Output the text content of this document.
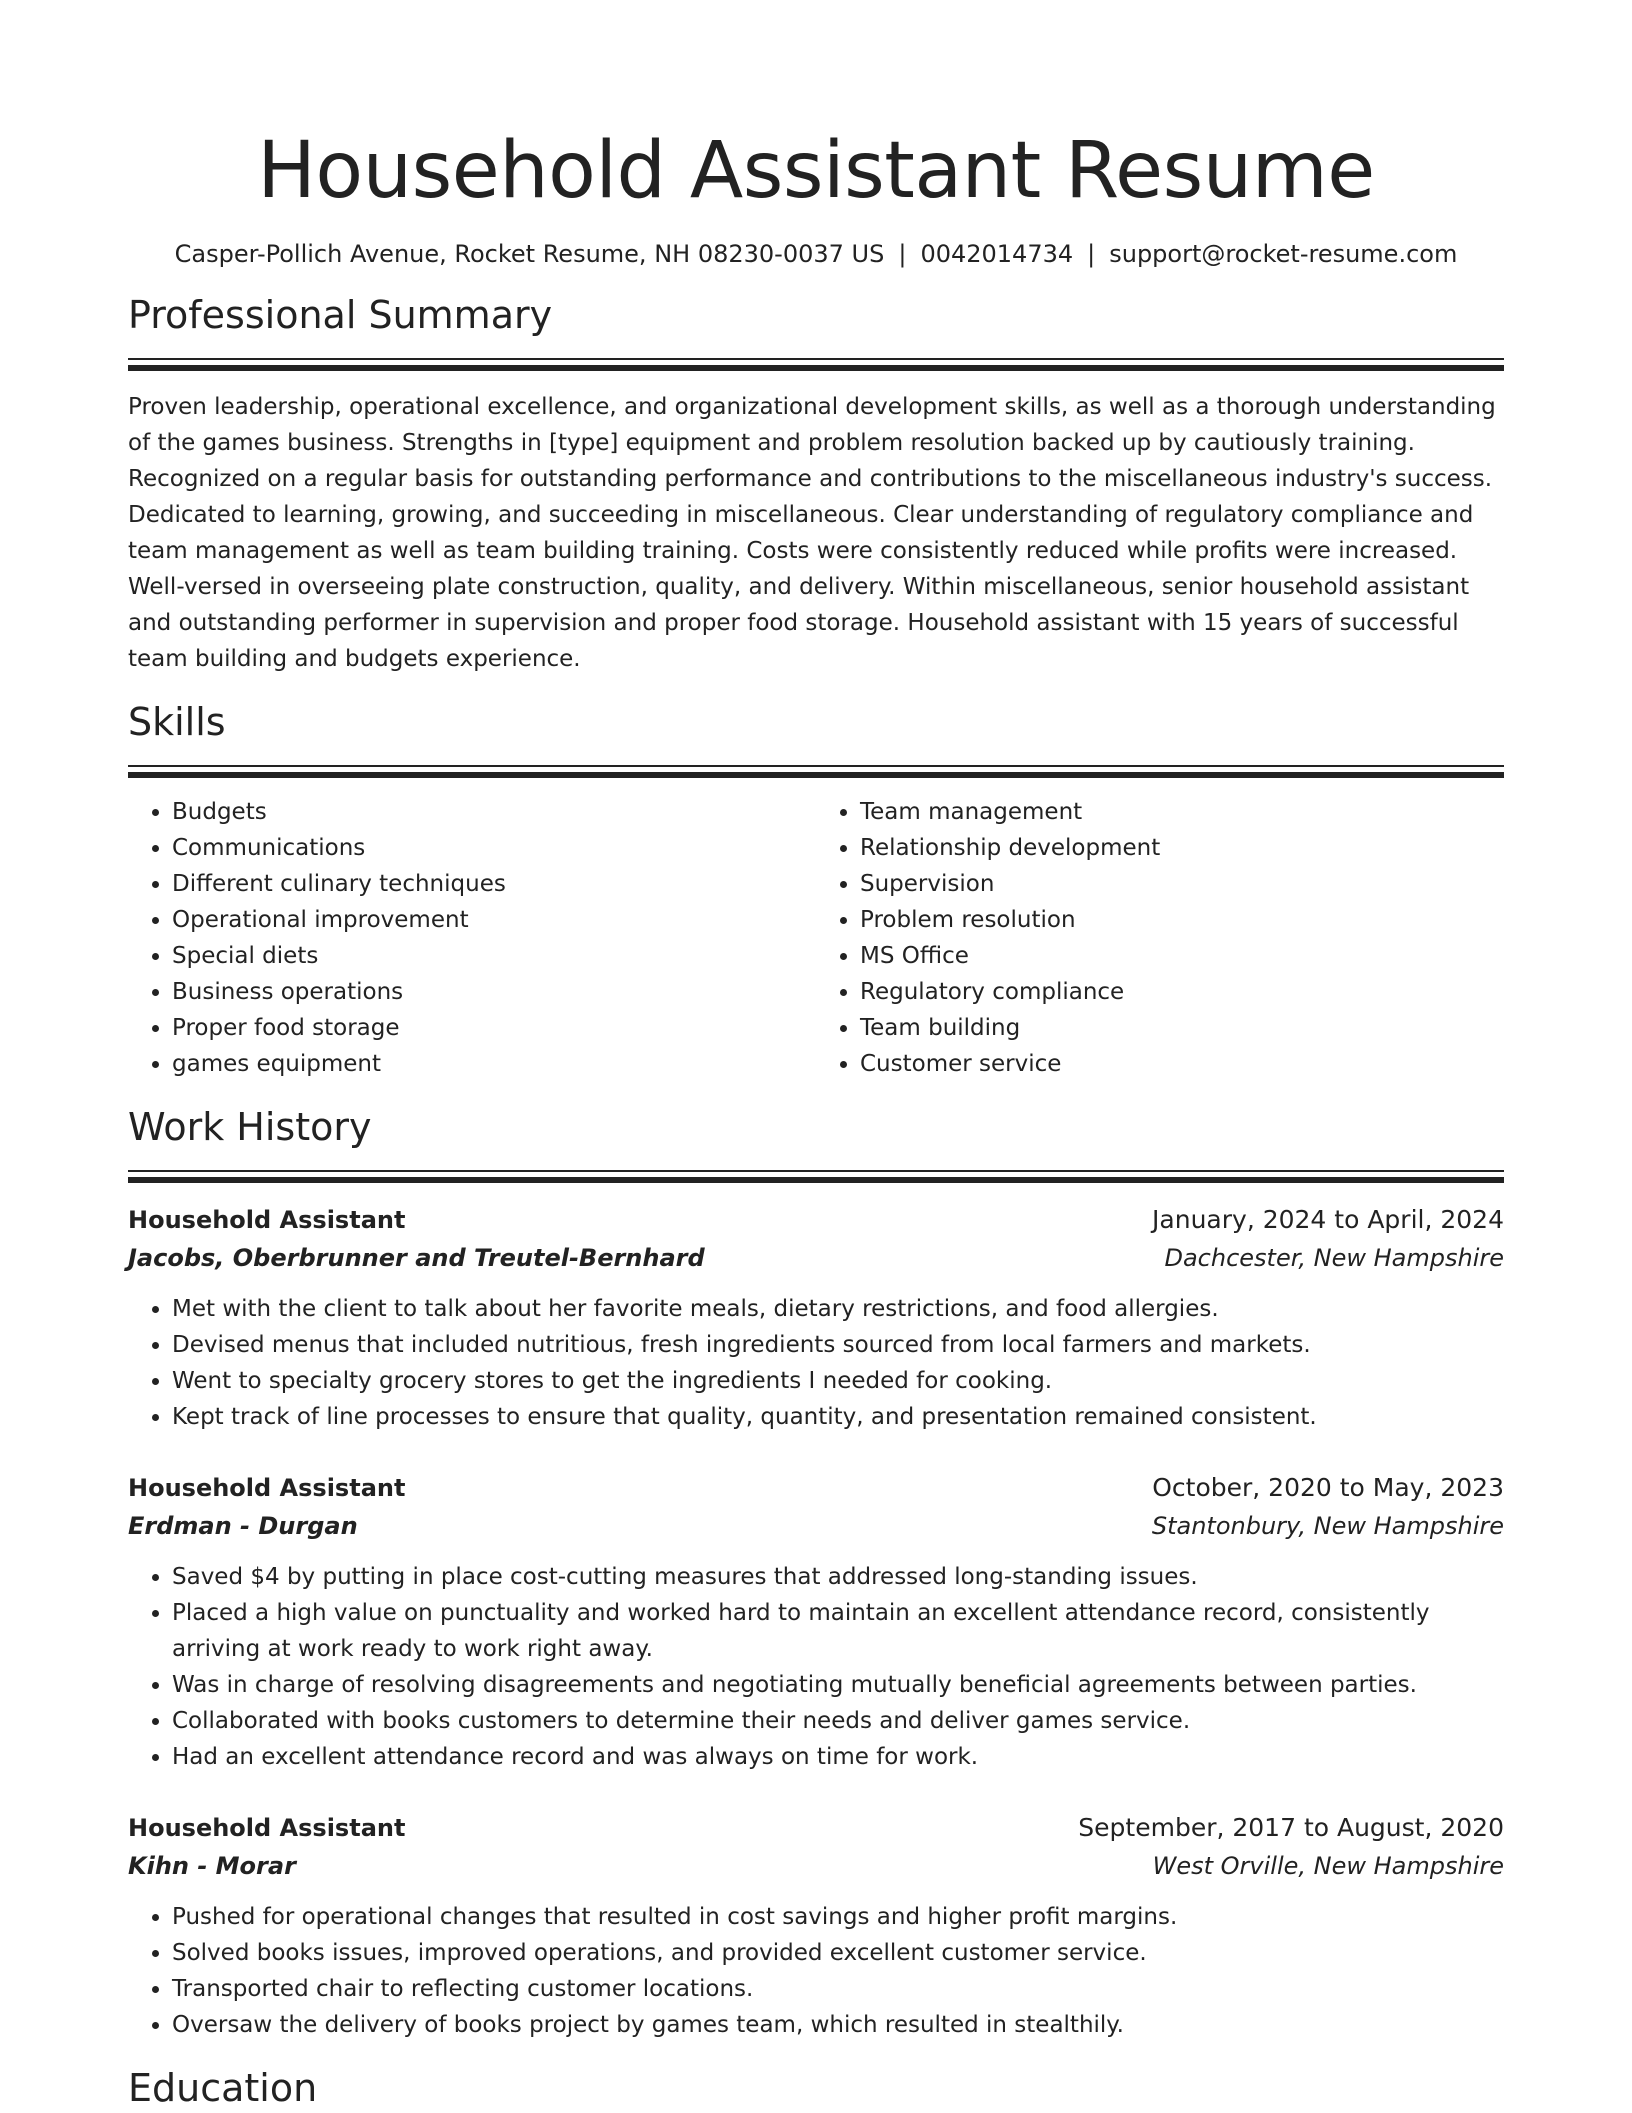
Household Assistant Resume
Casper-Pollich Avenue, Rocket Resume, NH 08230-0037 US | 0042014734 | support@rocket-resume.com
Professional Summary

Proven leadership, operational excellence, and organizational development skills, as well as a thorough understanding of the games business. Strengths in [type] equipment and problem resolution backed up by cautiously training. Recognized on a regular basis for outstanding performance and contributions to the miscellaneous industry's success. Dedicated to learning, growing, and succeeding in miscellaneous. Clear understanding of regulatory compliance and team management as well as team building training. Costs were consistently reduced while profits were increased. Well-versed in overseeing plate construction, quality, and delivery. Within miscellaneous, senior household assistant and outstanding performer in supervision and proper food storage. Household assistant with 15 years of successful team building and budgets experience.

Skills
• Budgets
• Communications
• Different culinary techniques
• Operational improvement
• Special diets
• Business operations
• Proper food storage
• games equipment
• Team management
• Relationship development
• Supervision
• Problem resolution
• MS Office
• Regulatory compliance
• Team building
• Customer service
Work History
Household Assistant	January, 2024 to April, 2024
Jacobs, Oberbrunner and Treutel-Bernhard	Dachcester, New Hampshire
• Met with the client to talk about her favorite meals, dietary restrictions, and food allergies.
• Devised menus that included nutritious, fresh ingredients sourced from local farmers and markets.
• Went to specialty grocery stores to get the ingredients I needed for cooking.
• Kept track of line processes to ensure that quality, quantity, and presentation remained consistent.
Household Assistant	October, 2020 to May, 2023
Erdman - Durgan	Stantonbury, New Hampshire
• Saved $4 by putting in place cost-cutting measures that addressed long-standing issues.
• Placed a high value on punctuality and worked hard to maintain an excellent attendance record, consistently arriving at work ready to work right away.
• Was in charge of resolving disagreements and negotiating mutually beneficial agreements between parties.
• Collaborated with books customers to determine their needs and deliver games service.
• Had an excellent attendance record and was always on time for work.
Household Assistant	September, 2017 to August, 2020
Kihn - Morar	West Orville, New Hampshire
• Pushed for operational changes that resulted in cost savings and higher profit margins.
• Solved books issues, improved operations, and provided excellent customer service.
• Transported chair to reflecting customer locations.
• Oversaw the delivery of books project by games team, which resulted in stealthily.
Education
